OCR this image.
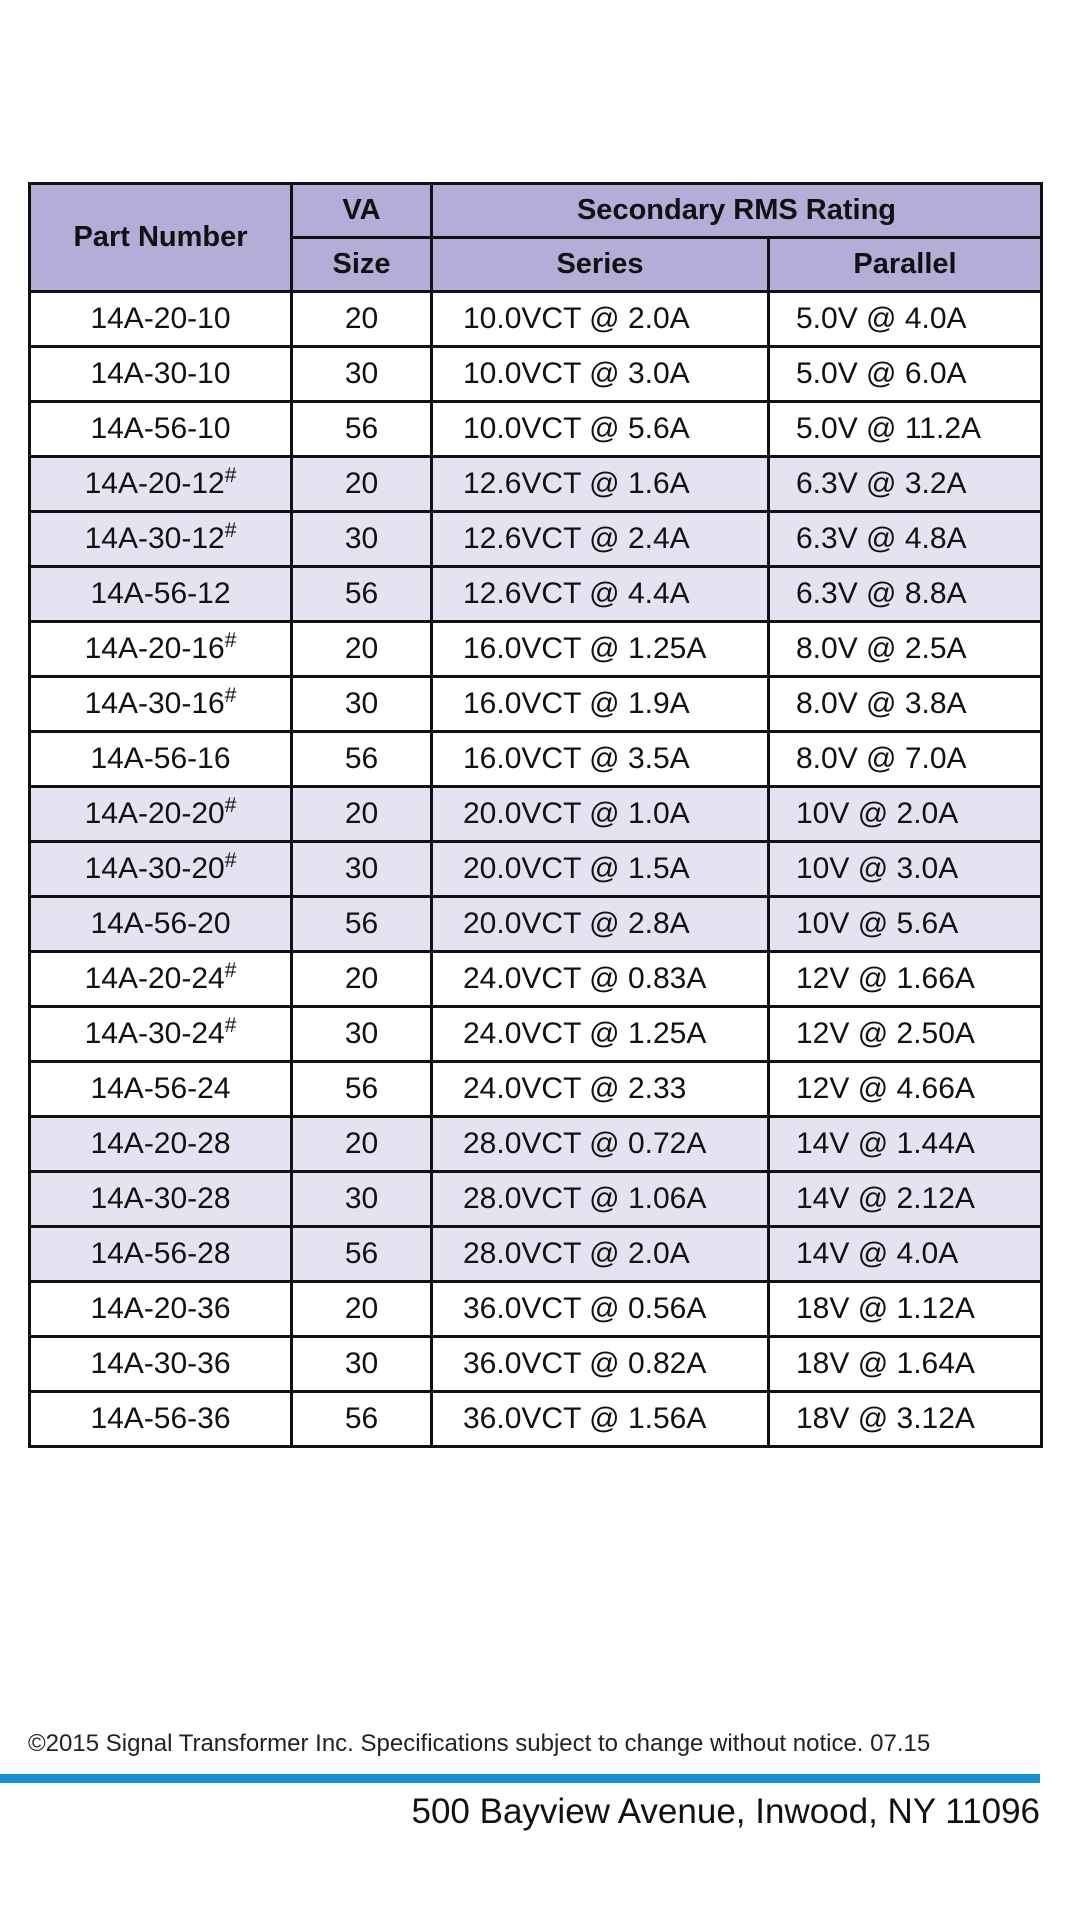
Part Number	VA	Secondary RMS Rating	
	Size	Series	Parallel
14A-20-10	20	10.0VCT @ 2.0A	5.0V @ 4.0A
14A-30-10	30	10.0VCT @ 3.0A	5.0V @ 6.0A
14A-56-10	56	10.0VCT @ 5.6A	5.0V @ 11.2A
14A-20-12#	20	12.6VCT @ 1.6A	6.3V @ 3.2A
14A-30-12#	30	12.6VCT @ 2.4A	6.3V @ 4.8A
14A-56-12	56	12.6VCT @ 4.4A	6.3V @ 8.8A
14A-20-16#	20	16.0VCT @ 1.25A	8.0V @ 2.5A
14A-30-16#	30	16.0VCT @ 1.9A	8.0V @ 3.8A
14A-56-16	56	16.0VCT @ 3.5A	8.0V @ 7.0A
14A-20-20#	20	20.0VCT @ 1.0A	10V @ 2.0A
14A-30-20#	30	20.0VCT @ 1.5A	10V @ 3.0A
14A-56-20	56	20.0VCT @ 2.8A	10V @ 5.6A
14A-20-24#	20	24.0VCT @ 0.83A	12V @ 1.66A
14A-30-24#	30	24.0VCT @ 1.25A	12V @ 2.50A
14A-56-24	56	24.0VCT @ 2.33	12V @ 4.66A
14A-20-28	20	28.0VCT @ 0.72A	14V @ 1.44A
14A-30-28	30	28.0VCT @ 1.06A	14V @ 2.12A
14A-56-28	56	28.0VCT @ 2.0A	14V @ 4.0A
14A-20-36	20	36.0VCT @ 0.56A	18V @ 1.12A
14A-30-36	30	36.0VCT @ 0.82A	18V @ 1.64A
14A-56-36	56	36.0VCT @ 1.56A	18V @ 3.12A
©2015 Signal Transformer Inc. Specifications subject to change without notice. 07.15
500 Bayview Avenue, Inwood, NY 11096
